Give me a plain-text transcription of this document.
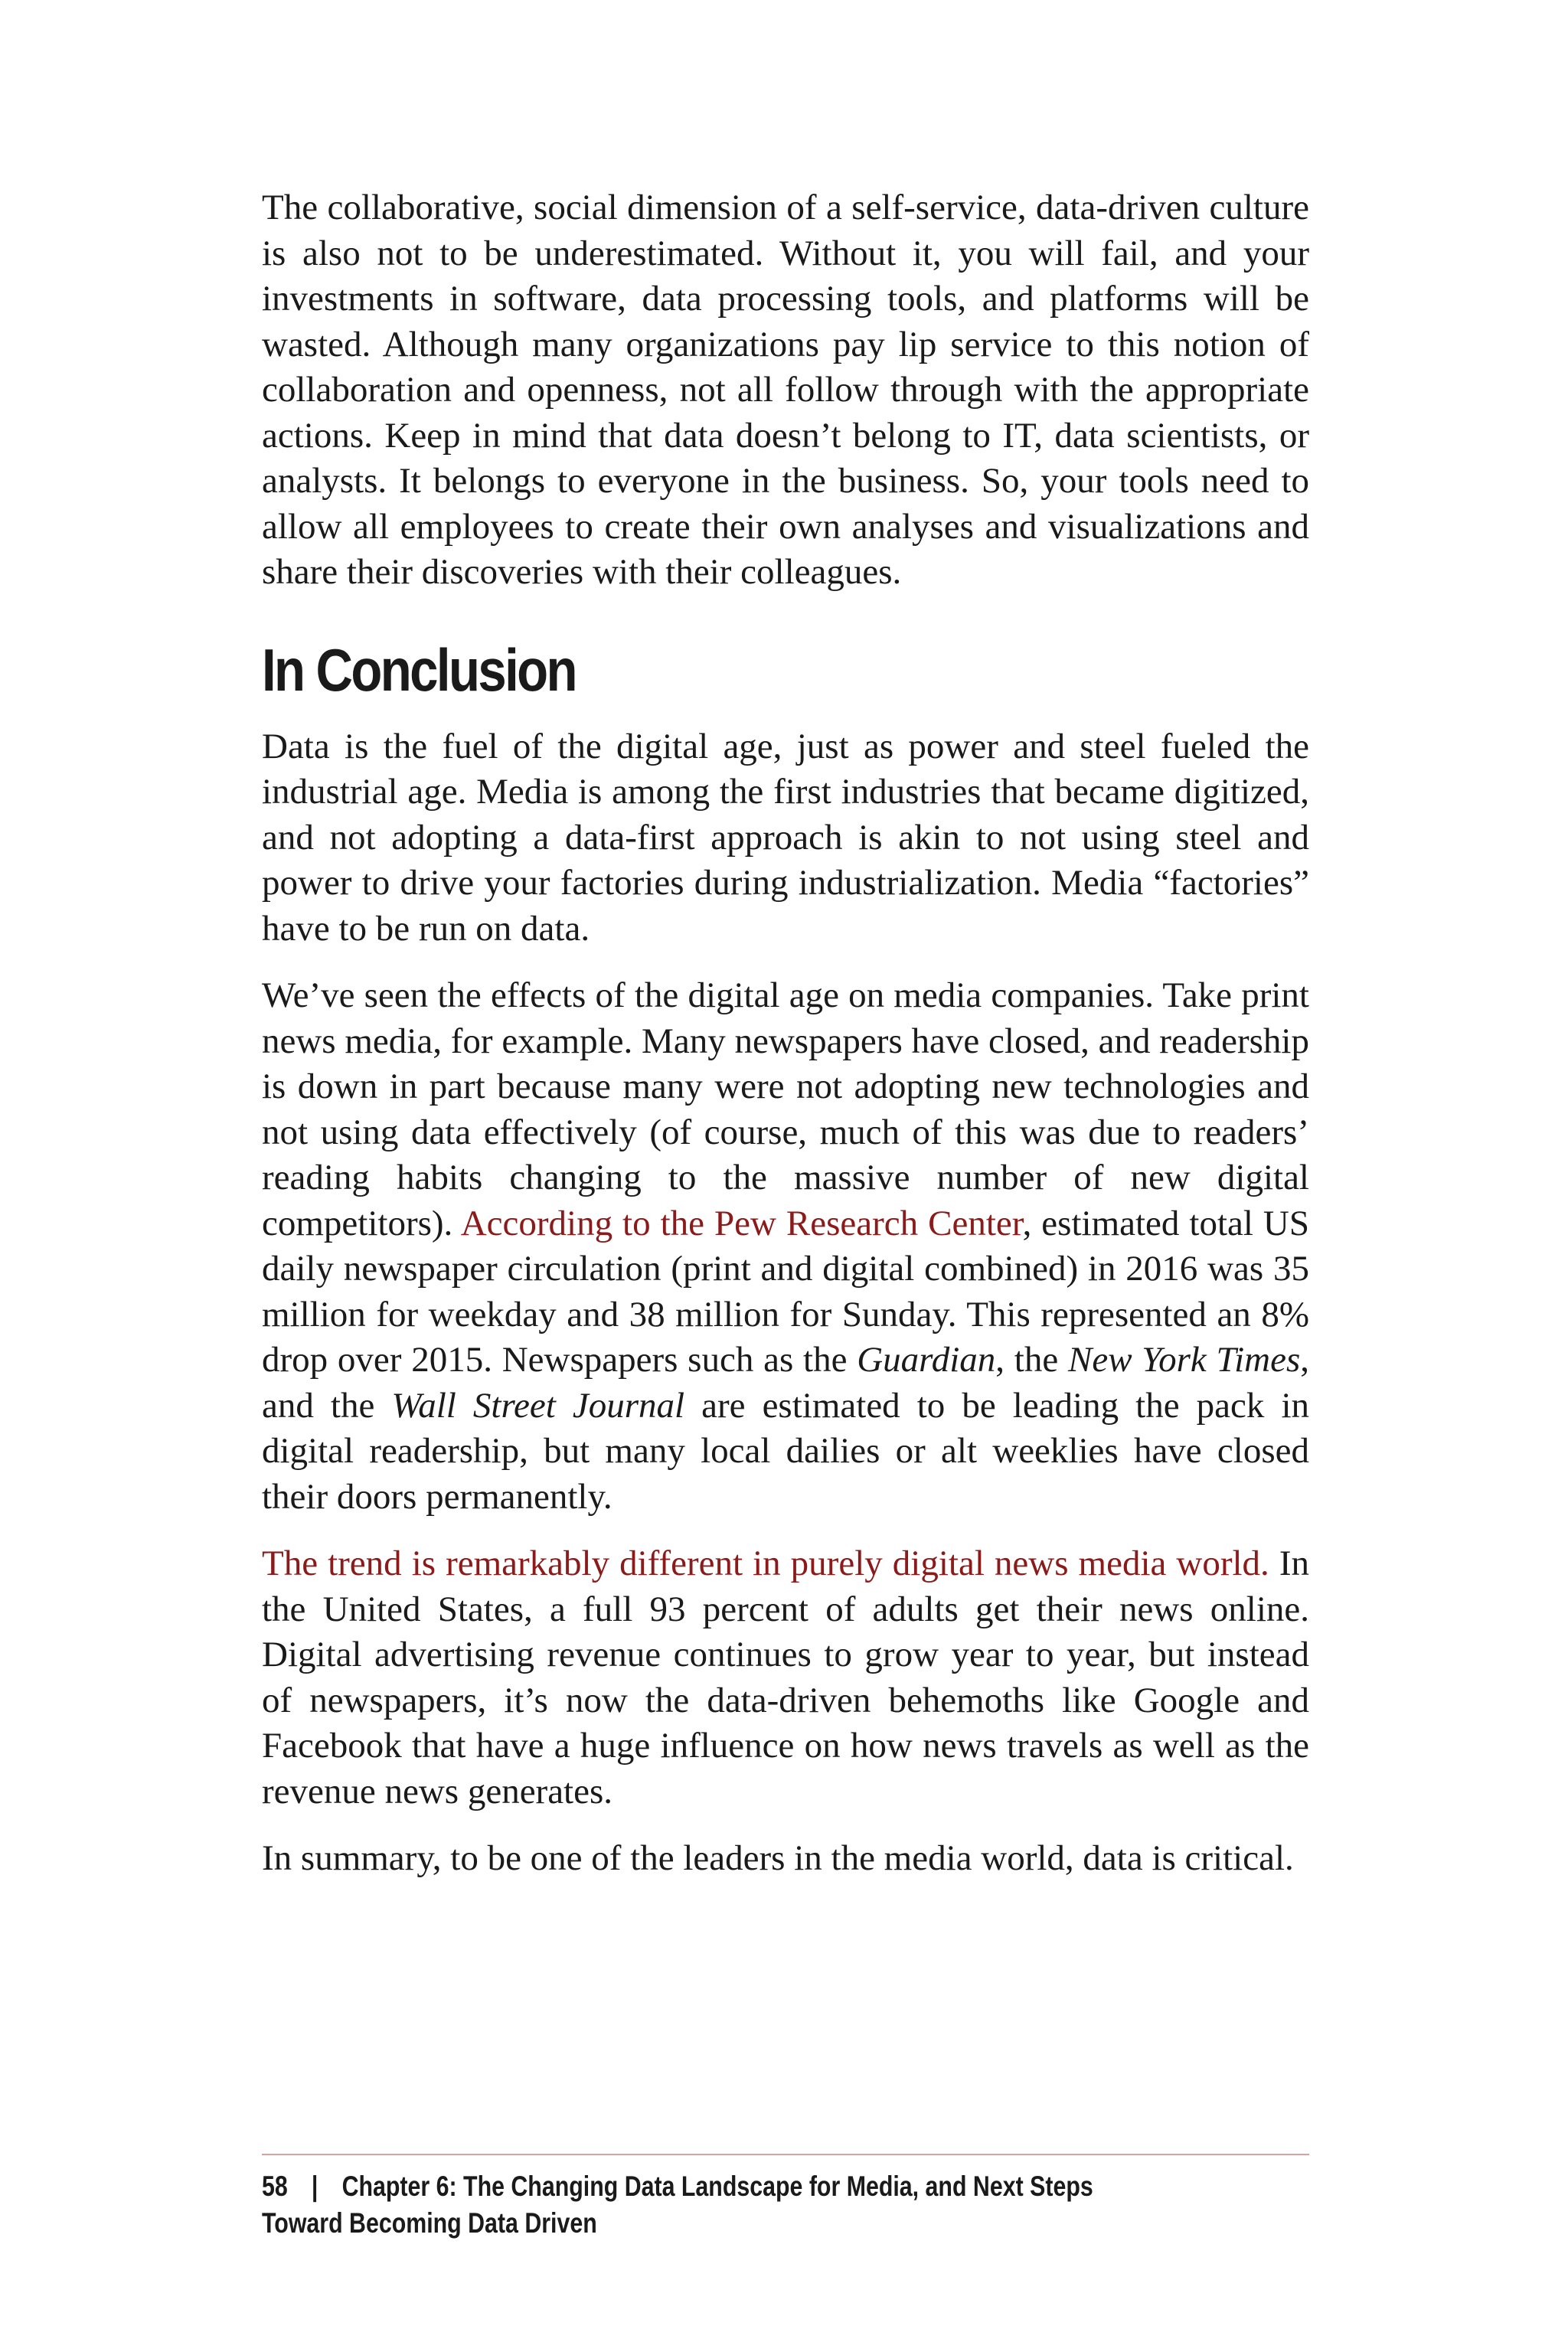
The collaborative, social dimension of a self-service, data-driven culture is also not to be underestimated. Without it, you will fail, and your investments in software, data processing tools, and platforms will be wasted. Although many organizations pay lip service to this notion of collaboration and openness, not all follow through with the appropriate actions. Keep in mind that data doesn’t belong to IT, data scientists, or analysts. It belongs to everyone in the business. So, your tools need to allow all employees to create their own analyses and visualizations and share their discoveries with their colleagues.

In Conclusion

Data is the fuel of the digital age, just as power and steel fueled the industrial age. Media is among the first industries that became digitized, and not adopting a data-first approach is akin to not using steel and power to drive your factories during industrialization. Media “factories” have to be run on data.

We’ve seen the effects of the digital age on media companies. Take print news media, for example. Many newspapers have closed, and readership is down in part because many were not adopting new technologies and not using data effectively (of course, much of this was due to readers’ reading habits changing to the massive number of new digital competitors). According to the Pew Research Center, estimated total US daily newspaper circulation (print and digital combined) in 2016 was 35 million for weekday and 38 million for Sunday. This represented an 8% drop over 2015. Newspapers such as the Guardian, the New York Times, and the Wall Street Journal are estimated to be leading the pack in digital readership, but many local dailies or alt weeklies have closed their doors permanently.

The trend is remarkably different in purely digital news media world. In the United States, a full 93 percent of adults get their news online. Digital advertising revenue continues to grow year to year, but instead of newspapers, it’s now the data-driven behemoths like Google and Facebook that have a huge influence on how news travels as well as the revenue news generates.

In summary, to be one of the leaders in the media world, data is critical.

58 | Chapter 6: The Changing Data Landscape for Media, and Next Steps Toward Becoming Data Driven
